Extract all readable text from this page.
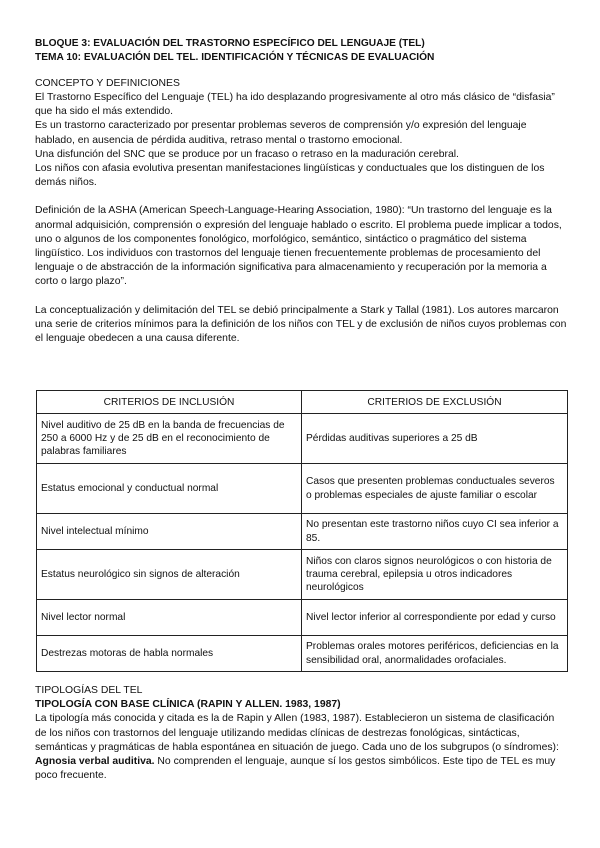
BLOQUE 3: EVALUACIÓN DEL TRASTORNO ESPECÍFICO DEL LENGUAJE (TEL)

TEMA 10: EVALUACIÓN DEL TEL. IDENTIFICACIÓN Y TÉCNICAS DE EVALUACIÓN

CONCEPTO Y DEFINICIONES

El Trastorno Específico del Lenguaje (TEL) ha ido desplazando progresivamente al otro más clásico de “disfasia” que ha sido el más extendido.

Es un trastorno caracterizado por presentar problemas severos de comprensión y/o expresión del lenguaje hablado, en ausencia de pérdida auditiva, retraso mental o trastorno emocional.

Una disfunción del SNC que se produce por un fracaso o retraso en la maduración cerebral.

Los niños con afasia evolutiva presentan manifestaciones lingüísticas y conductuales que los distinguen de los demás niños.

Definición de la ASHA (American Speech-Language-Hearing Association, 1980): “Un trastorno del lenguaje es la anormal adquisición, comprensión o expresión del lenguaje hablado o escrito. El problema puede implicar a todos, uno o algunos de los componentes fonológico, morfológico, semántico, sintáctico o pragmático del sistema lingüístico. Los individuos con trastornos del lenguaje tienen frecuentemente problemas de procesamiento del lenguaje o de abstracción de la información significativa para almacenamiento y recuperación por la memoria a corto o largo plazo”.

La conceptualización y delimitación del TEL se debió principalmente a Stark y Tallal (1981). Los autores marcaron una serie de criterios mínimos para la definición de los niños con TEL y de exclusión de niños cuyos problemas con el lenguaje obedecen a una causa diferente.

CRITERIOS DE INCLUSIÓN	CRITERIOS DE EXCLUSIÓN
Nivel auditivo de 25 dB en la banda de frecuencias de 250 a 6000 Hz y de 25 dB en el reconocimiento de palabras familiares	Pérdidas auditivas superiores a 25 dB
Estatus emocional y conductual normal	Casos que presenten problemas conductuales severos o problemas especiales de ajuste familiar o escolar
Nivel intelectual mínimo	No presentan este trastorno niños cuyo CI sea inferior a 85.
Estatus neurológico sin signos de alteración	Niños con claros signos neurológicos o con historia de trauma cerebral, epilepsia u otros indicadores neurológicos
Nivel lector normal	Nivel lector inferior al correspondiente por edad y curso
Destrezas motoras de habla normales	Problemas orales motores periféricos, deficiencias en la sensibilidad oral, anormalidades orofaciales.

TIPOLOGÍAS DEL TEL

TIPOLOGÍA CON BASE CLÍNICA (RAPIN Y ALLEN. 1983, 1987)

La tipología más conocida y citada es la de Rapin y Allen (1983, 1987). Establecieron un sistema de clasificación de los niños con trastornos del lenguaje utilizando medidas clínicas de destrezas fonológicas, sintácticas, semánticas y pragmáticas de habla espontánea en situación de juego. Cada uno de los subgrupos (o síndromes):

Agnosia verbal auditiva. No comprenden el lenguaje, aunque sí los gestos simbólicos. Este tipo de TEL es muy poco frecuente.
